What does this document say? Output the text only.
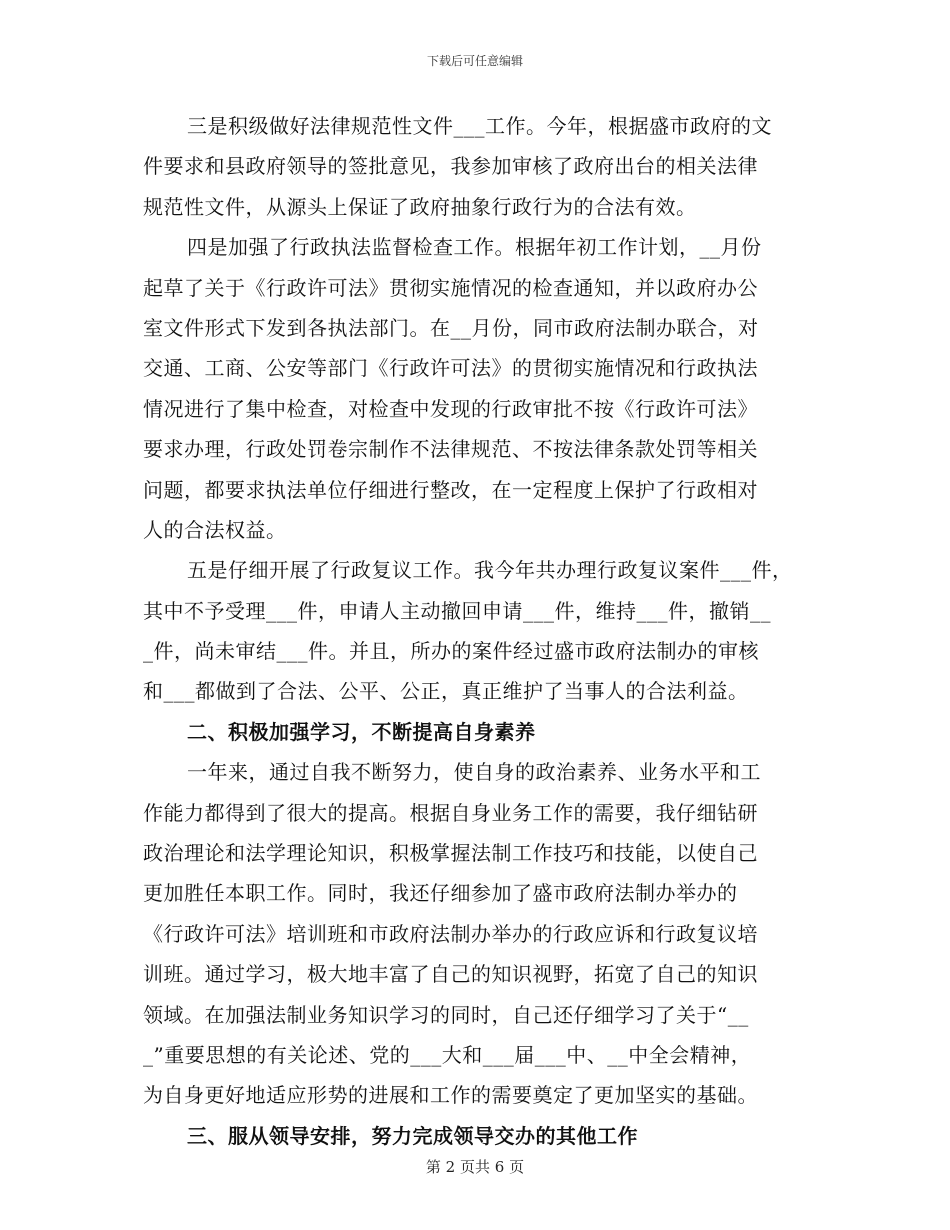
下载后可任意编辑
三是积级做好法律规范性文件___工作。今年，根据盛市政府的文
件要求和县政府领导的签批意见，我参加审核了政府出台的相关法律
规范性文件，从源头上保证了政府抽象行政行为的合法有效。
四是加强了行政执法监督检查工作。根据年初工作计划，__月份
起草了关于《行政许可法》贯彻实施情况的检查通知，并以政府办公
室文件形式下发到各执法部门。在__月份，同市政府法制办联合，对
交通、工商、公安等部门《行政许可法》的贯彻实施情况和行政执法
情况进行了集中检查，对检查中发现的行政审批不按《行政许可法》
要求办理，行政处罚卷宗制作不法律规范、不按法律条款处罚等相关
问题，都要求执法单位仔细进行整改，在一定程度上保护了行政相对
人的合法权益。
五是仔细开展了行政复议工作。我今年共办理行政复议案件___件，
其中不予受理___件，申请人主动撤回申请___件，维持___件，撤销__
_件，尚未审结___件。并且，所办的案件经过盛市政府法制办的审核
和___都做到了合法、公平、公正，真正维护了当事人的合法利益。
二、积极加强学习，不断提高自身素养
一年来，通过自我不断努力，使自身的政治素养、业务水平和工
作能力都得到了很大的提高。根据自身业务工作的需要，我仔细钻研
政治理论和法学理论知识，积极掌握法制工作技巧和技能，以使自己
更加胜任本职工作。同时，我还仔细参加了盛市政府法制办举办的
《行政许可法》培训班和市政府法制办举办的行政应诉和行政复议培
训班。通过学习，极大地丰富了自己的知识视野，拓宽了自己的知识
领域。在加强法制业务知识学习的同时，自己还仔细学习了关于“__
_”重要思想的有关论述、党的___大和___届___中、__中全会精神，
为自身更好地适应形势的进展和工作的需要奠定了更加坚实的基础。
三、服从领导安排，努力完成领导交办的其他工作
第 2 页共 6 页
